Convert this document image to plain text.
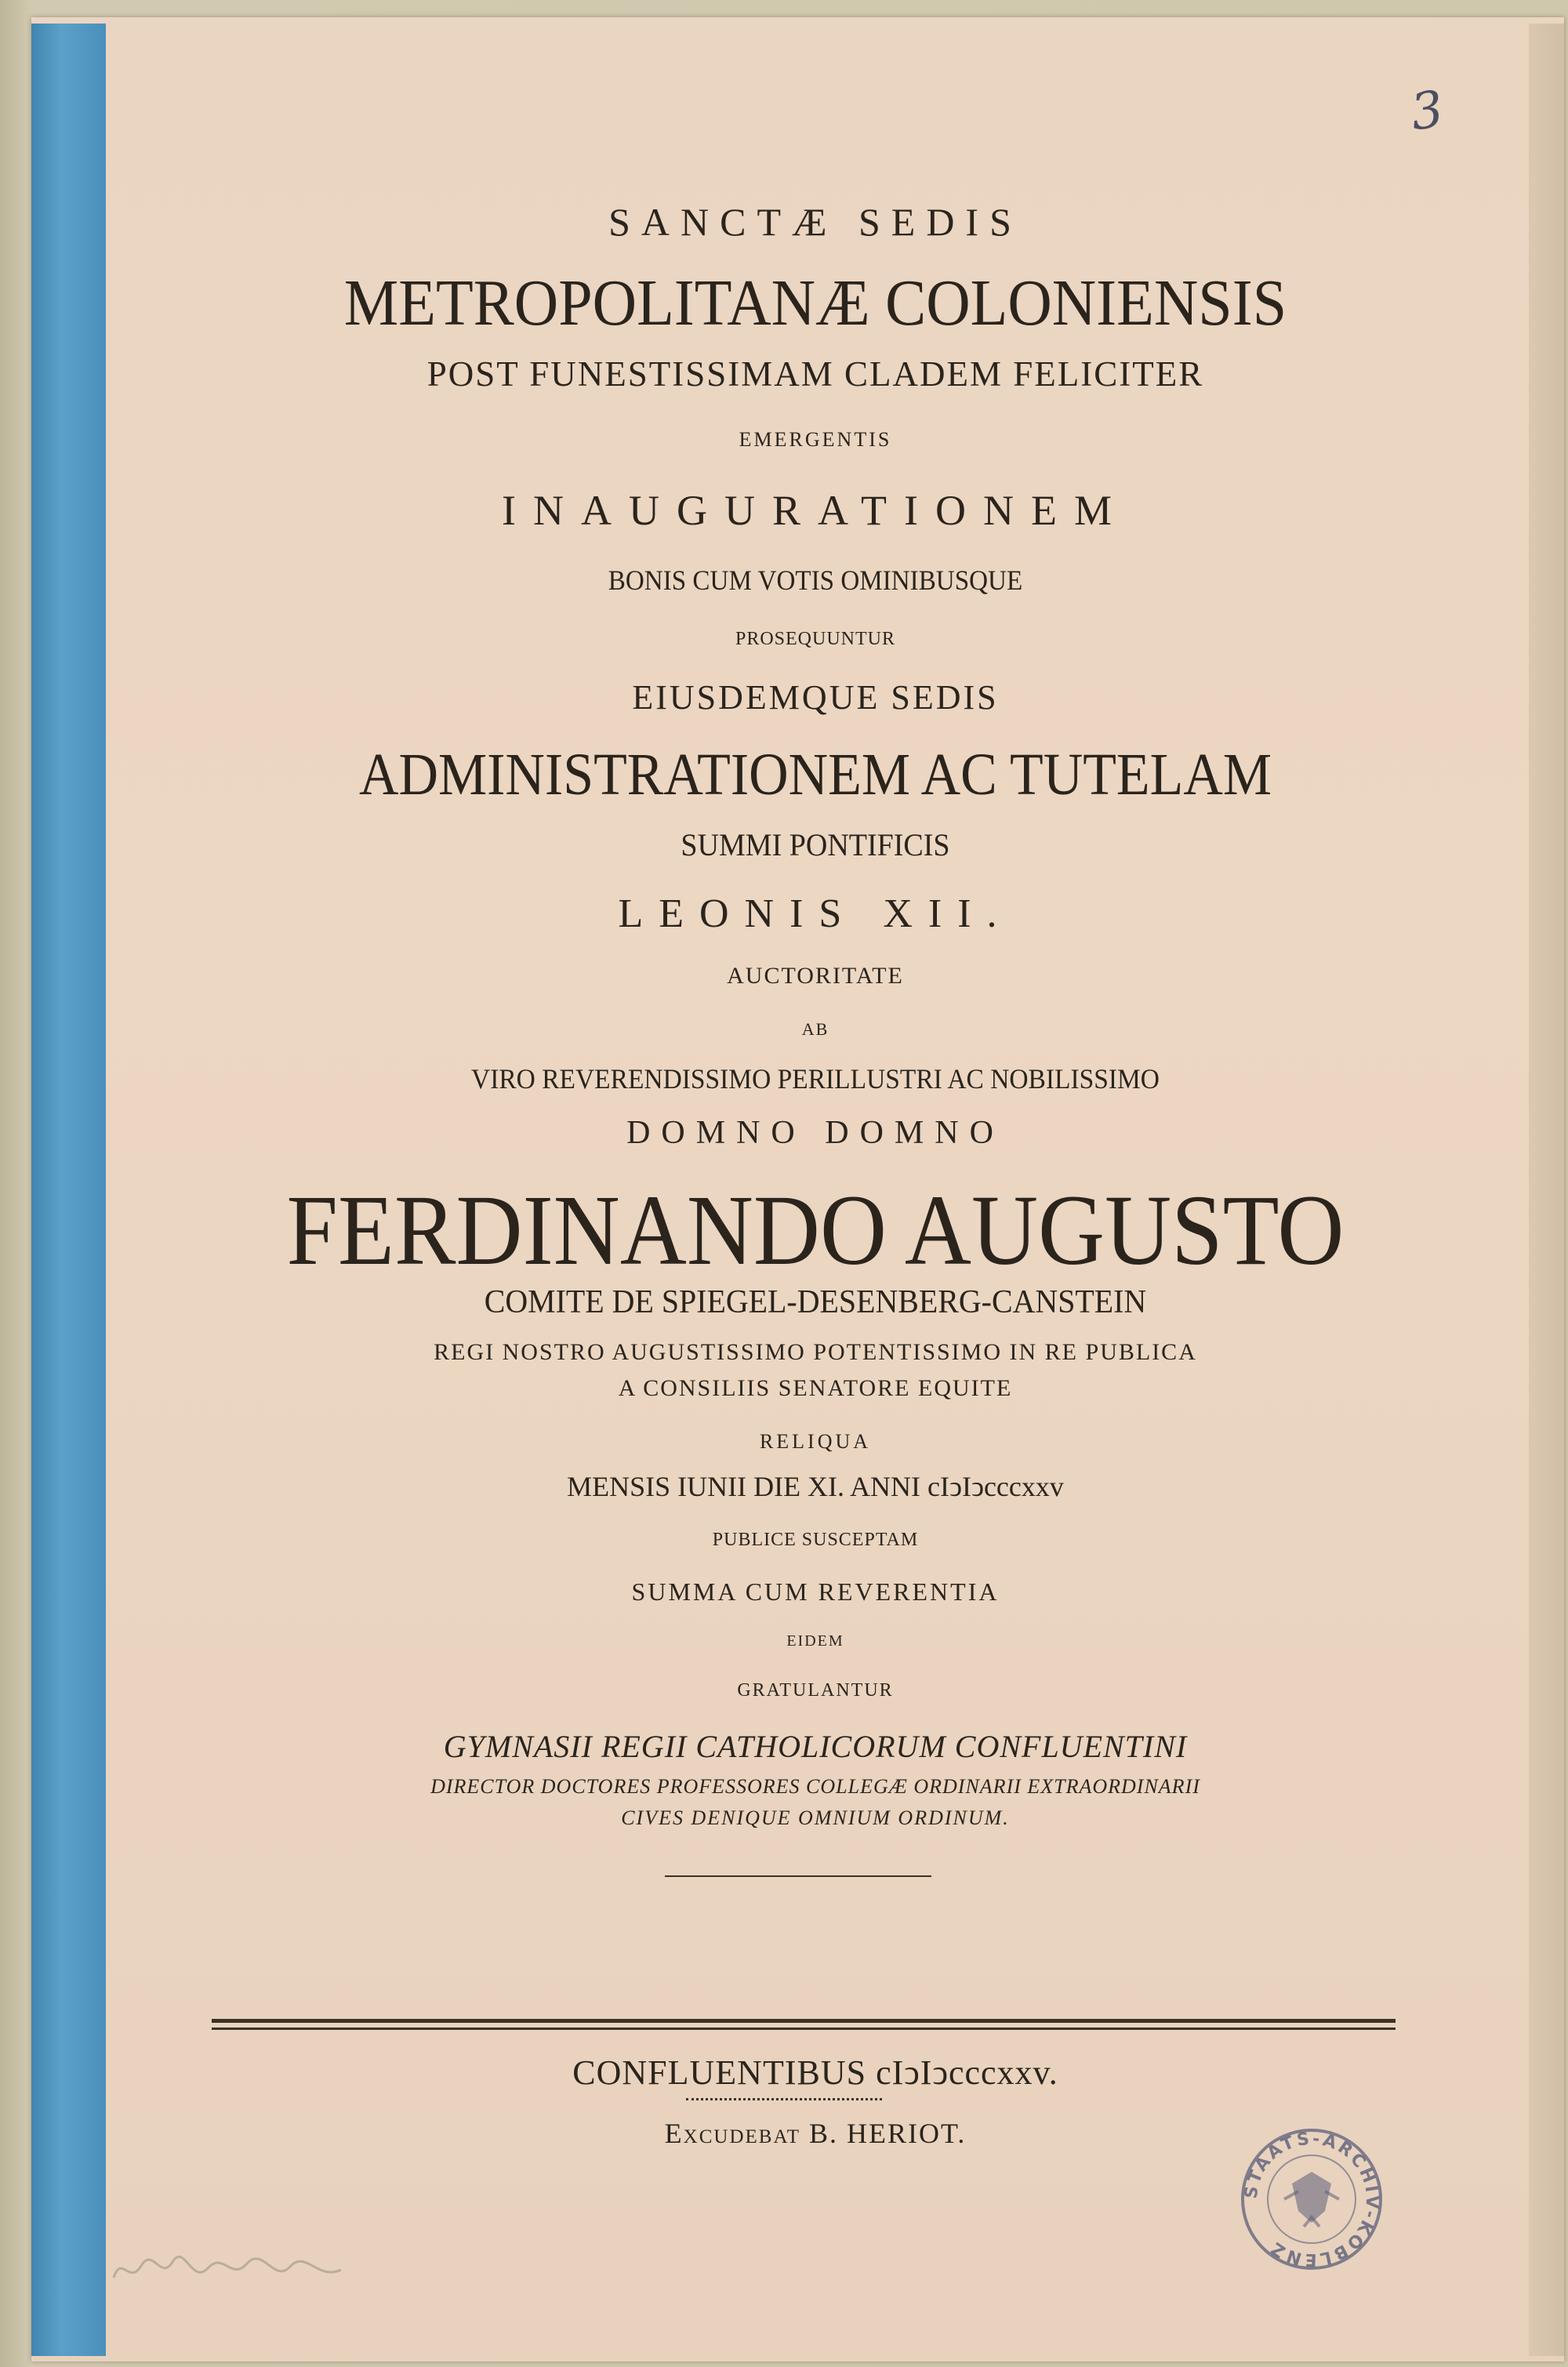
3
SANCTÆ SEDIS
METROPOLITANÆ COLONIENSIS
POST FUNESTISSIMAM CLADEM FELICITER
EMERGENTIS
INAUGURATIONEM
BONIS CUM VOTIS OMINIBUSQUE
PROSEQUUNTUR
EIUSDEMQUE SEDIS
ADMINISTRATIONEM AC TUTELAM
SUMMI PONTIFICIS
LEONIS XII.
AUCTORITATE
AB
VIRO REVERENDISSIMO PERILLUSTRI AC NOBILISSIMO
DOMNO DOMNO
FERDINANDO AUGUSTO
COMITE DE SPIEGEL-DESENBERG-CANSTEIN
REGI NOSTRO AUGUSTISSIMO POTENTISSIMO IN RE PUBLICA
A CONSILIIS SENATORE EQUITE
RELIQUA
MENSIS IUNII DIE XI. ANNI cIↄIↄcccxxv
PUBLICE SUSCEPTAM
SUMMA CUM REVERENTIA
EIDEM
GRATULANTUR
GYMNASII REGII CATHOLICORUM CONFLUENTINI
DIRECTOR DOCTORES PROFESSORES COLLEGÆ ORDINARII EXTRAORDINARII
CIVES DENIQUE OMNIUM ORDINUM.
CONFLUENTIBUS cIↄIↄcccxxv.
Excudebat B. HERIOT.
STAATS-ARCHIV-KOBLENZ
